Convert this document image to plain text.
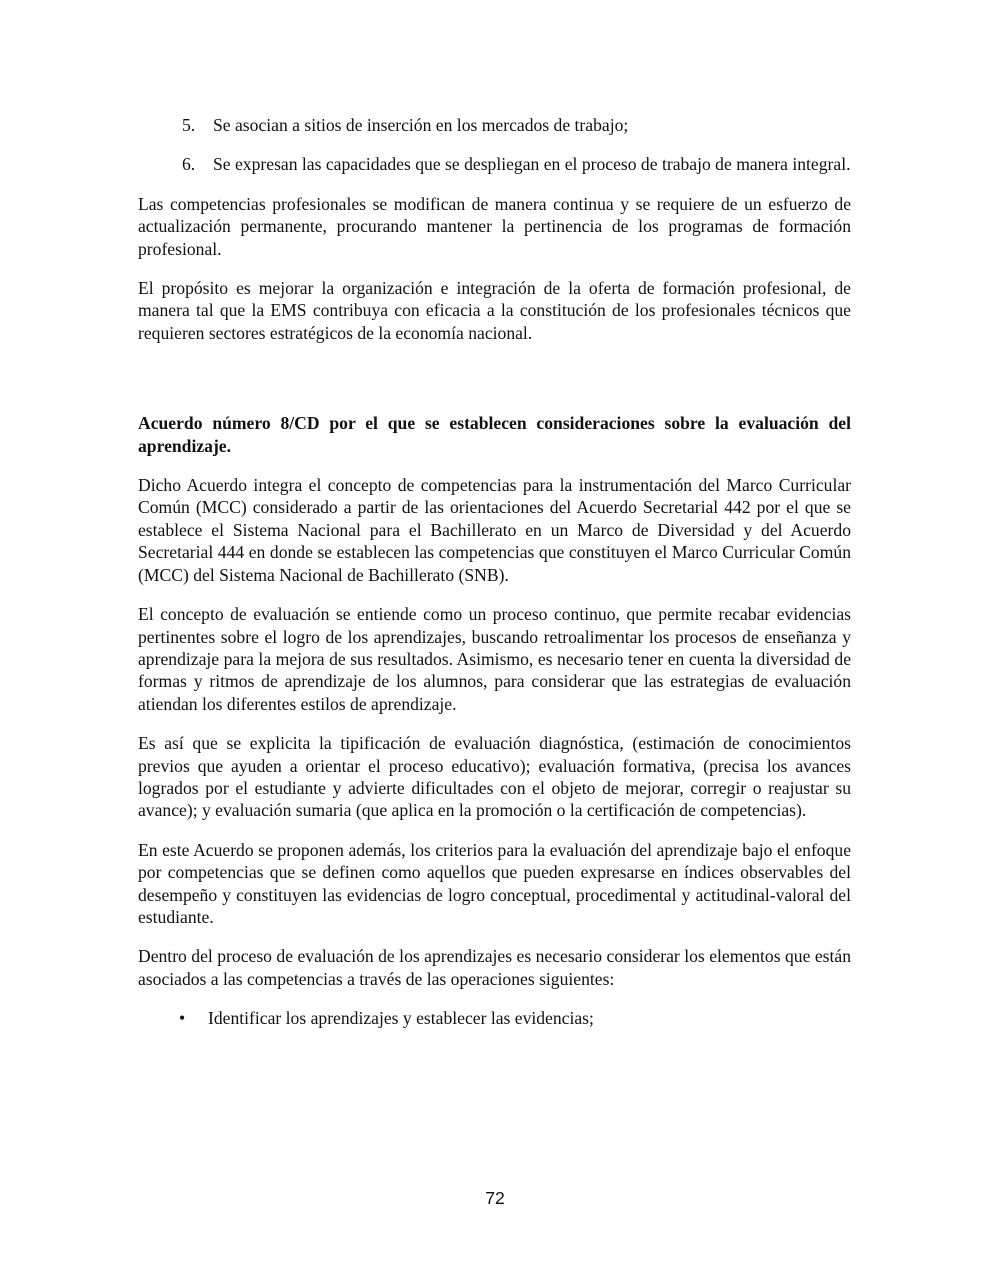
5. Se asocian a sitios de inserción en los mercados de trabajo;
6. Se expresan las capacidades que se despliegan en el proceso de trabajo de manera integral.

Las competencias profesionales se modifican de manera continua y se requiere de un esfuerzo de actualización permanente, procurando mantener la pertinencia de los programas de formación profesional.

El propósito es mejorar la organización e integración de la oferta de formación profesional, de manera tal que la EMS contribuya con eficacia a la constitución de los profesionales técnicos que requieren sectores estratégicos de la economía nacional.

Acuerdo número 8/CD por el que se establecen consideraciones sobre la evaluación del aprendizaje.

Dicho Acuerdo integra el concepto de competencias para la instrumentación del Marco Curricular Común (MCC) considerado a partir de las orientaciones del Acuerdo Secretarial 442 por el que se establece el Sistema Nacional para el Bachillerato en un Marco de Diversidad y del Acuerdo Secretarial 444 en donde se establecen las competencias que constituyen el Marco Curricular Común (MCC) del Sistema Nacional de Bachillerato (SNB).

El concepto de evaluación se entiende como un proceso continuo, que permite recabar evidencias pertinentes sobre el logro de los aprendizajes, buscando retroalimentar los procesos de enseñanza y aprendizaje para la mejora de sus resultados. Asimismo, es necesario tener en cuenta la diversidad de formas y ritmos de aprendizaje de los alumnos, para considerar que las estrategias de evaluación atiendan los diferentes estilos de aprendizaje.

Es así que se explicita la tipificación de evaluación diagnóstica, (estimación de conocimientos previos que ayuden a orientar el proceso educativo); evaluación formativa, (precisa los avances logrados por el estudiante y advierte dificultades con el objeto de mejorar, corregir o reajustar su avance); y evaluación sumaria (que aplica en la promoción o la certificación de competencias).

En este Acuerdo se proponen además, los criterios para la evaluación del aprendizaje bajo el enfoque por competencias que se definen como aquellos que pueden expresarse en índices observables del desempeño y constituyen las evidencias de logro conceptual, procedimental y actitudinal-valoral del estudiante.

Dentro del proceso de evaluación de los aprendizajes es necesario considerar los elementos que están asociados a las competencias a través de las operaciones siguientes:

• Identificar los aprendizajes y establecer las evidencias;
72
